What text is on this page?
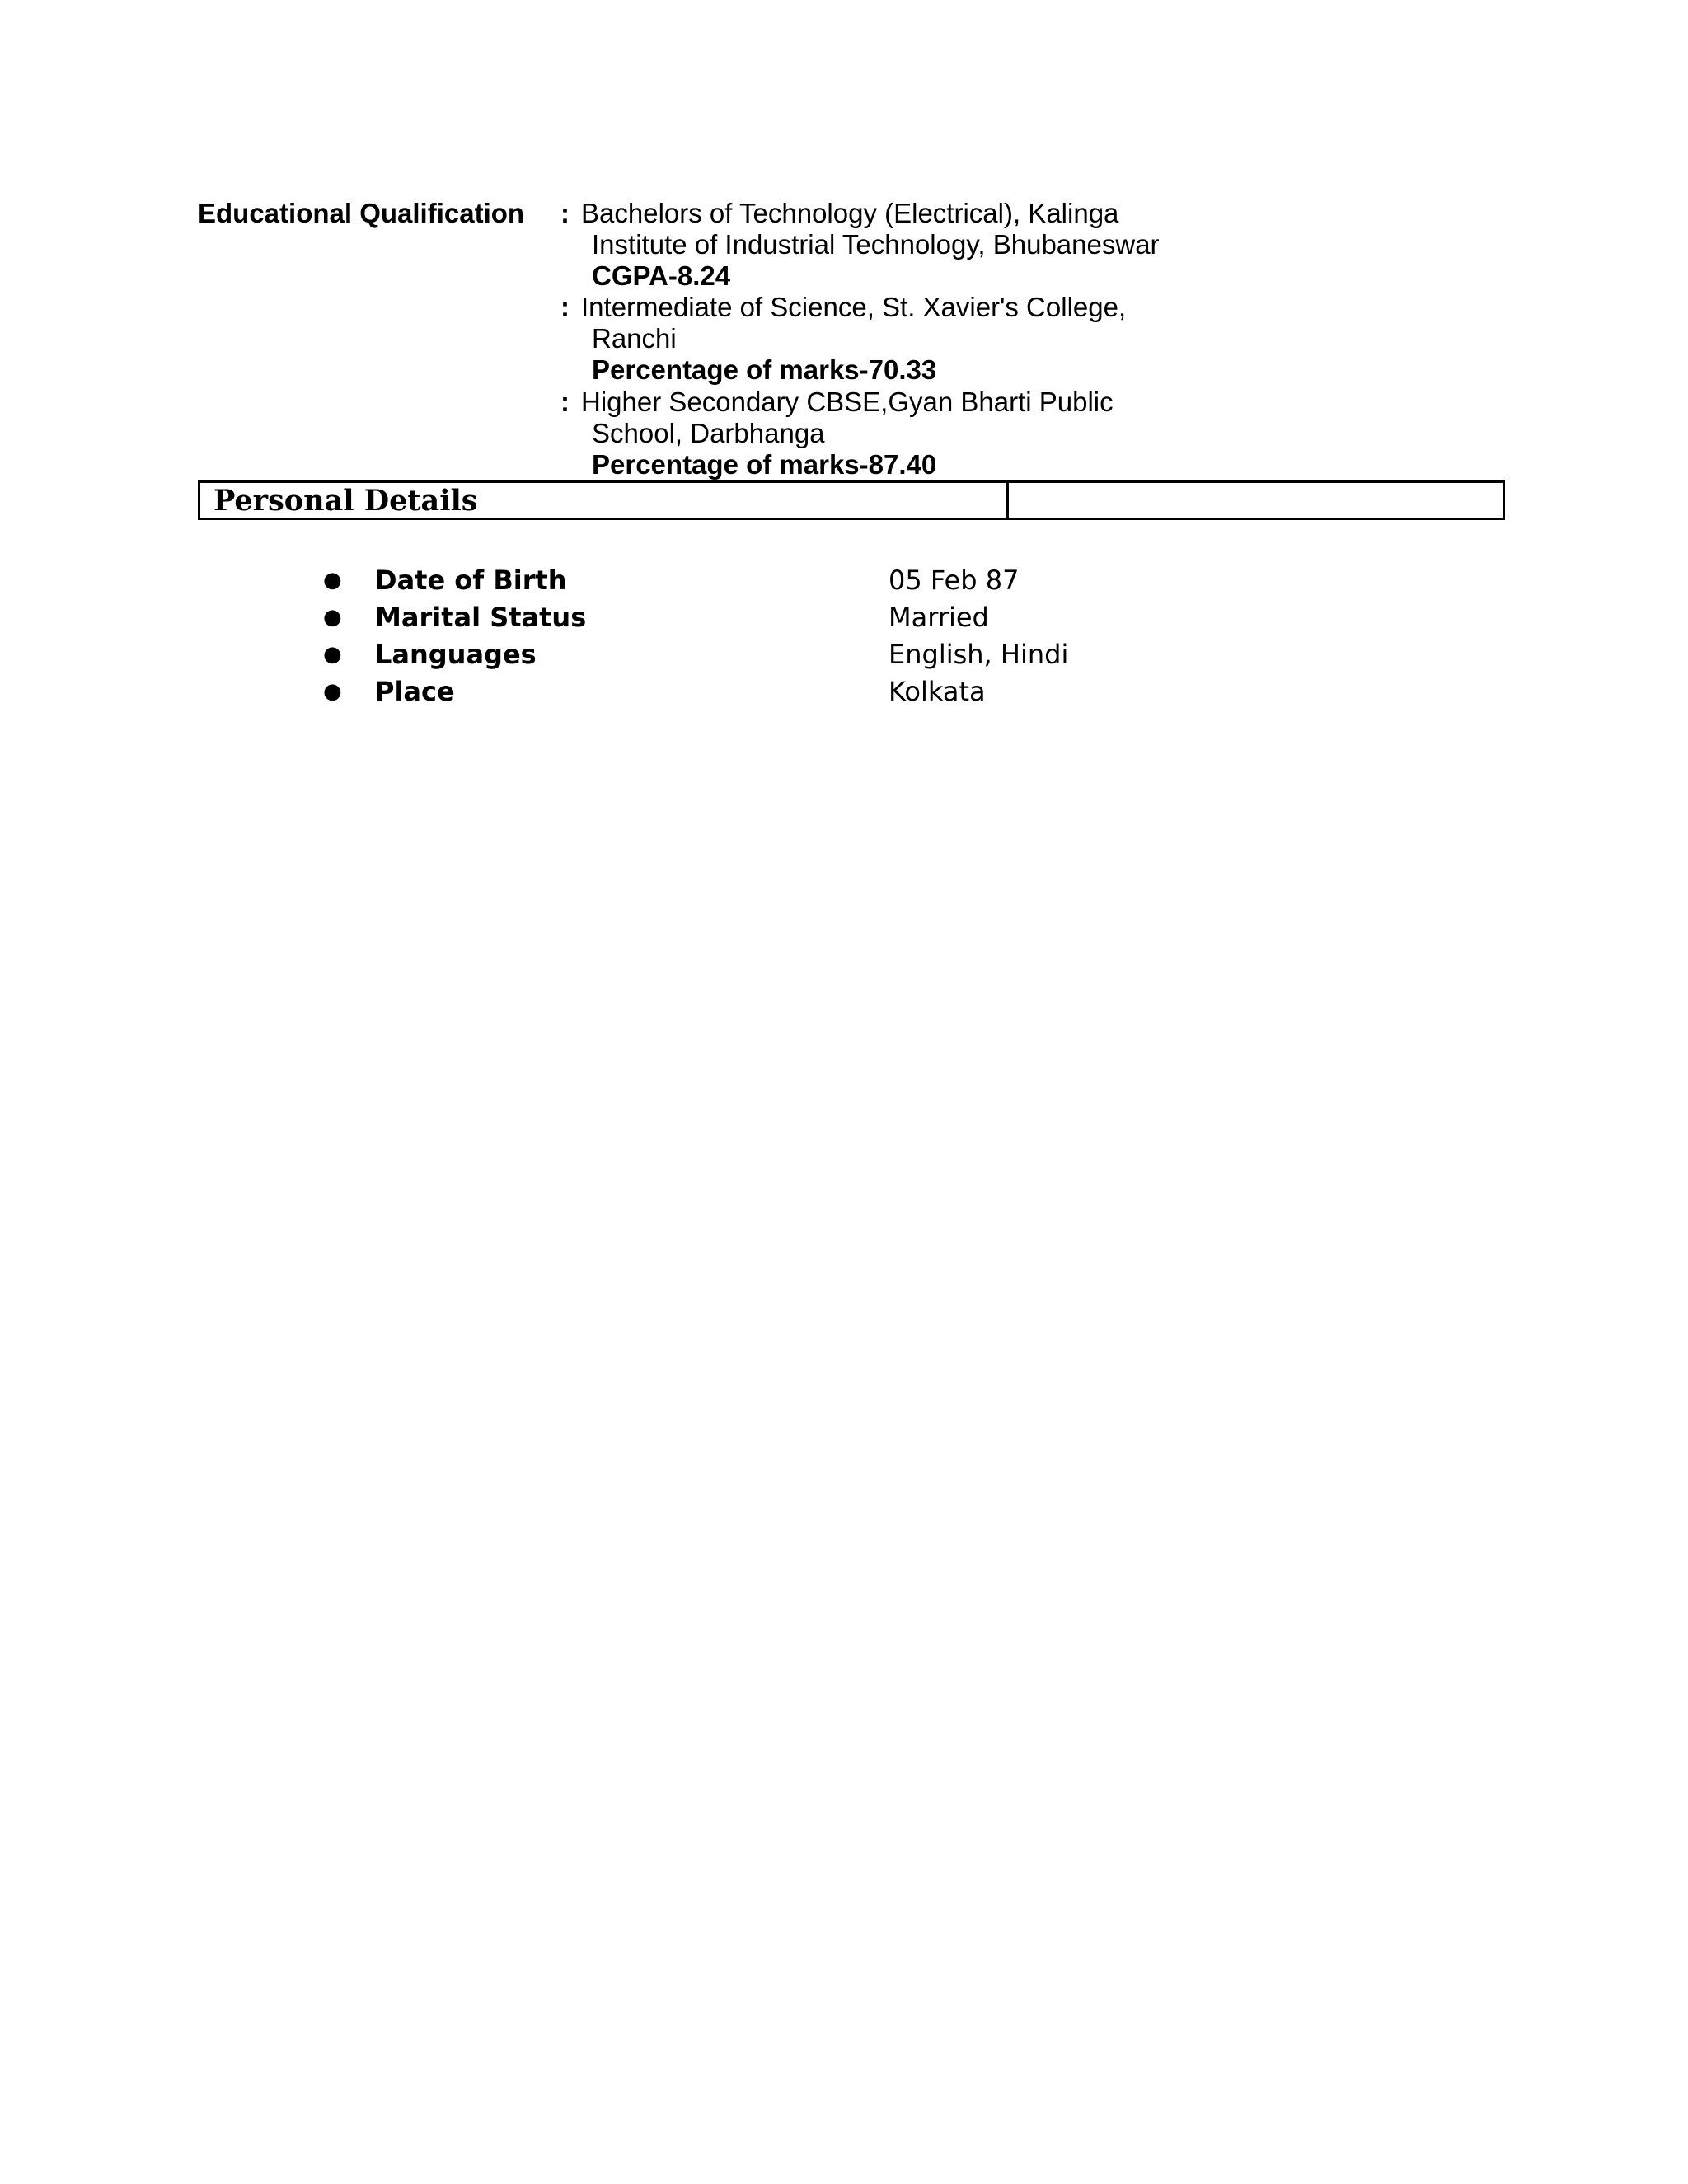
Educational Qualification : Bachelors of Technology (Electrical), Kalinga
Institute of Industrial Technology, Bhubaneswar
CGPA-8.24
: Intermediate of Science, St. Xavier's College,
Ranchi
Percentage of marks-70.33
: Higher Secondary CBSE,Gyan Bharti Public
School, Darbhanga
Percentage of marks-87.40
Personal Details
● Date of Birth	05 Feb 87
● Marital Status	Married
● Languages	English, Hindi
● Place	Kolkata
